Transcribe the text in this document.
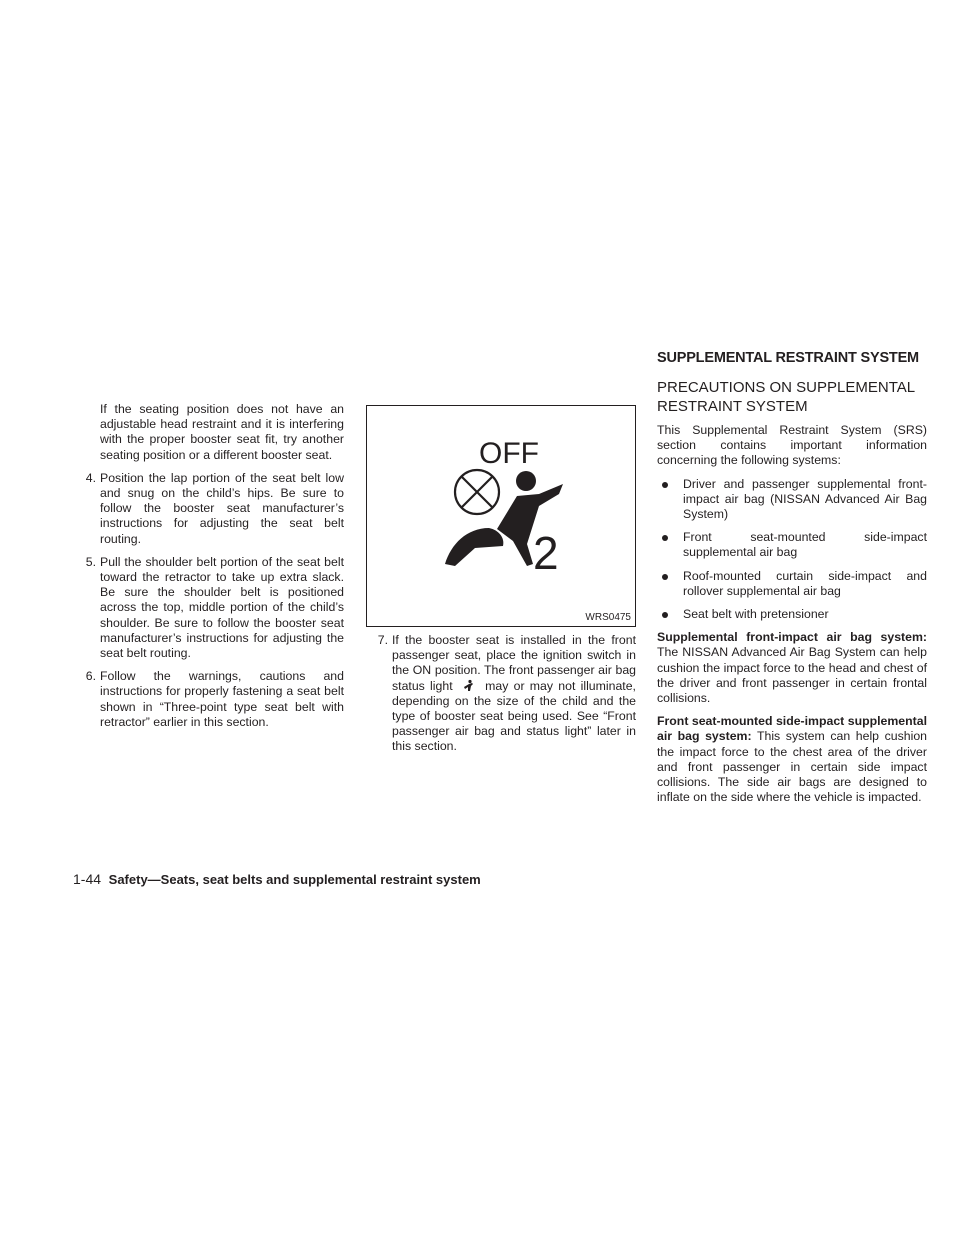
If the seating position does not have an adjustable head restraint and it is interfering with the proper booster seat fit, try another seating position or a different booster seat.

4. Position the lap portion of the seat belt low and snug on the child’s hips. Be sure to follow the booster seat manufacturer’s instructions for adjusting the seat belt routing.
5. Pull the shoulder belt portion of the seat belt toward the retractor to take up extra slack. Be sure the shoulder belt is positioned across the top, middle portion of the child’s shoulder. Be sure to follow the booster seat manufacturer’s instructions for adjusting the seat belt routing.
6. Follow the warnings, cautions and instructions for properly fastening a seat belt shown in “Three-point type seat belt with retractor” earlier in this section.
OFF
2
WRS0475
7. If the booster seat is installed in the front passenger seat, place the ignition switch in the ON position. The front passenger air bag status light	may or may not illuminate, depending on the size of the child and the type of booster seat being used. See “Front passenger air bag and status light” later in this section.
SUPPLEMENTAL RESTRAINT SYSTEM
PRECAUTIONS ON SUPPLEMENTAL RESTRAINT SYSTEM

This Supplemental Restraint System (SRS) section contains important information concerning the following systems:

Driver and passenger supplemental front-impact air bag (NISSAN Advanced Air Bag System)
Front seat-mounted side-impact supplemental air bag
Roof-mounted curtain side-impact and rollover supplemental air bag
Seat belt with pretensioner

Supplemental front-impact air bag system: The NISSAN Advanced Air Bag System can help cushion the impact force to the head and chest of the driver and front passenger in certain frontal collisions.

Front seat-mounted side-impact supplemental air bag system: This system can help cushion the impact force to the chest area of the driver and front passenger in certain side impact collisions. The side air bags are designed to inflate on the side where the vehicle is impacted.

1-44 Safety—Seats, seat belts and supplemental restraint system
